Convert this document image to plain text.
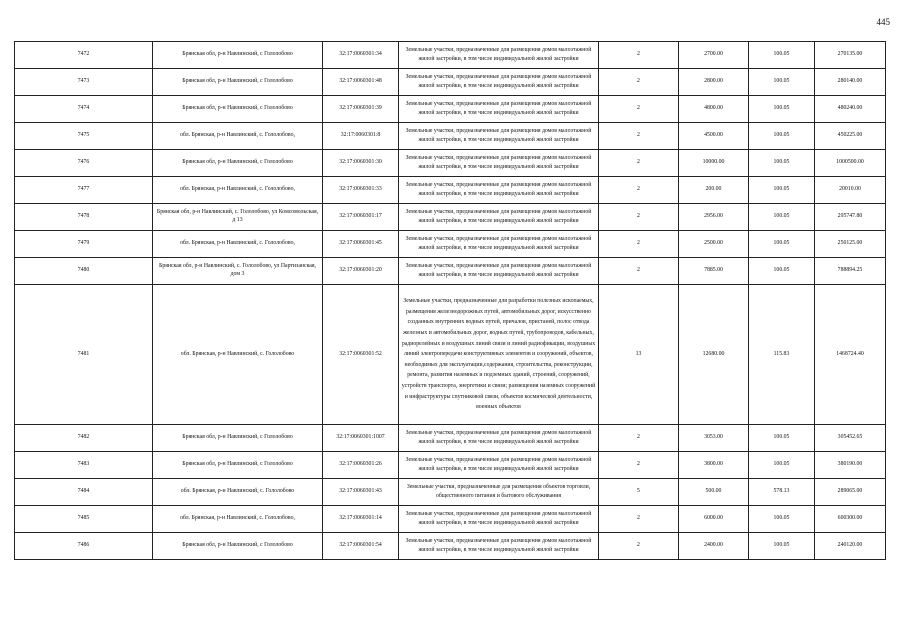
445
7472	Брянская обл, р-н Навлинский, с Гололобово	32:17:0060301:34	Земельные участки, предназначенные для размещения домов малоэтажной жилой застройки, в том числе индивидуальной жилой застройки	2	2700.00	100.05	270135.00
7473	Брянская обл, р-н Навлинский, с Гололобово	32:17:0060301:48	Земельные участки, предназначенные для размещения домов малоэтажной жилой застройки, в том числе индивидуальной жилой застройки	2	2800.00	100.05	280140.00
7474	Брянская обл, р-н Навлинский, с Гололобово	32:17:0060301:39	Земельные участки, предназначенные для размещения домов малоэтажной жилой застройки, в том числе индивидуальной жилой застройки	2	4800.00	100.05	480240.00
7475	обл. Брянская, р-н Навлинский, с. Гололобово,	32:17:0060301:8	Земельные участки, предназначенные для размещения домов малоэтажной жилой застройки, в том числе индивидуальной жилой застройки	2	4500.00	100.05	450225.00
7476	Брянская обл, р-н Навлинский, с Гололобово	32:17:0060301:30	Земельные участки, предназначенные для размещения домов малоэтажной жилой застройки, в том числе индивидуальной жилой застройки	2	10000.00	100.05	1000500.00
7477	обл. Брянская, р-н Навлинский, с. Гололобово,	32:17:0060301:33	Земельные участки, предназначенные для размещения домов малоэтажной жилой застройки, в том числе индивидуальной жилой застройки	2	200.00	100.05	20010.00
7478	Брянская обл, р-н Навлинский, с. Гололобово, ул Комсомольская, д 13	32:17:0060301:17	Земельные участки, предназначенные для размещения домов малоэтажной жилой застройки, в том числе индивидуальной жилой застройки	2	2956.00	100.05	295747.80
7479	обл. Брянская, р-н Навлинский, с. Гололобово,	32:17:0060301:45	Земельные участки, предназначенные для размещения домов малоэтажной жилой застройки, в том числе индивидуальной жилой застройки	2	2500.00	100.05	250125.00
7480	Брянская обл, р-н Навлинский, с. Гололобово, ул Партизанская, дом 3	32:17:0060301:20	Земельные участки, предназначенные для размещения домов малоэтажной жилой застройки, в том числе индивидуальной жилой застройки	2	7885.00	100.05	788894.25
7481	обл. Брянская, р-н Навлинский, с. Гололобово	32:17:0060301:52	Земельные участки, предназначенные для разработки полезных ископаемых, размещения железнодорожных путей, автомобильных дорог, искусственно созданных внутренних водных путей, причалов, пристаней, полос отвода железных и автомобильных дорог, водных путей, трубопроводов, кабельных, радиорелейных и воздушных линий связи и линий радиофикации, воздушных линий электропередачи конструктивных элементов и сооружений, объектов, необходимых для эксплуатации,содержания, строительства, реконструкции, ремонта, развития наземных и подземных зданий, строений, сооружений, устройств транспорта, энергетики и связи; размещения наземных сооружений и инфраструктуры спутниковой связи, объектов космической деятельности, военных объектов	13	12680.00	115.83	1468724.40
7482	Брянская обл, р-н Навлинский, с Гололобово	32:17:0060301:1007	Земельные участки, предназначенные для размещения домов малоэтажной жилой застройки, в том числе индивидуальной жилой застройки	2	3053.00	100.05	305452.65
7483	Брянская обл, р-н Навлинский, с Гололобово	32:17:0060301:26	Земельные участки, предназначенные для размещения домов малоэтажной жилой застройки, в том числе индивидуальной жилой застройки	2	3800.00	100.05	380190.00
7484	обл. Брянская, р-н Навлинский, с. Гололобово	32:17:0060301:43	Земельные участки, предназначенные для размещения объектов торговли, общественного питания и бытового обслуживания	5	500.00	578.13	289065.00
7485	обл. Брянская, р-н Навлинский, с. Гололобово,	32:17:0060301:14	Земельные участки, предназначенные для размещения домов малоэтажной жилой застройки, в том числе индивидуальной жилой застройки	2	6000.00	100.05	600300.00
7486	Брянская обл, р-н Навлинский, с Гололобово	32:17:0060301:54	Земельные участки, предназначенные для размещения домов малоэтажной жилой застройки, в том числе индивидуальной жилой застройки	2	2400.00	100.05	240120.00
